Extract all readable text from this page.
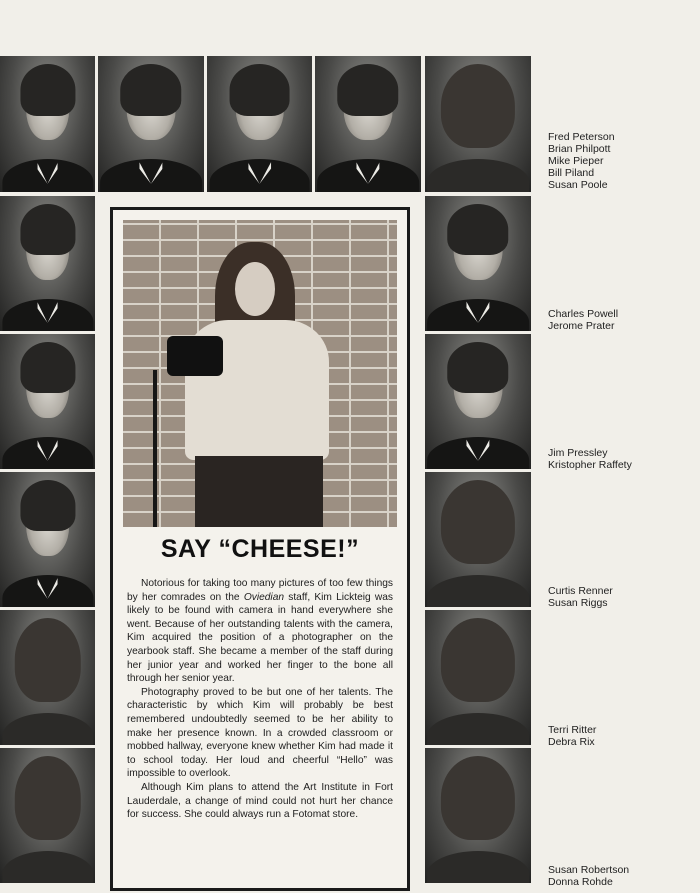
Fred Peterson
Brian Philpott
Mike Pieper
Bill Piland
Susan Poole
Charles Powell
Jerome Prater
Jim Pressley
Kristopher Raffety
Curtis Renner
Susan Riggs
Terri Ritter
Debra Rix
Susan Robertson
Donna Rohde
SAY “CHEESE!”

Notorious for taking too many pictures of too few things by her comrades on the Oviedian staff, Kim Lickteig was likely to be found with camera in hand everywhere she went. Because of her outstanding talents with the camera, Kim acquired the position of a photographer on the yearbook staff. She became a member of the staff during her junior year and worked her finger to the bone all through her senior year.

Photography proved to be but one of her talents. The characteristic by which Kim will probably be best remembered undoubtedly seemed to be her ability to make her presence known. In a crowded classroom or mobbed hallway, everyone knew whether Kim had made it to school today. Her loud and cheerful “Hello” was impossible to overlook.

Although Kim plans to attend the Art Institute in Fort Lauderdale, a change of mind could not hurt her chance for success. She could always run a Fotomat store.
